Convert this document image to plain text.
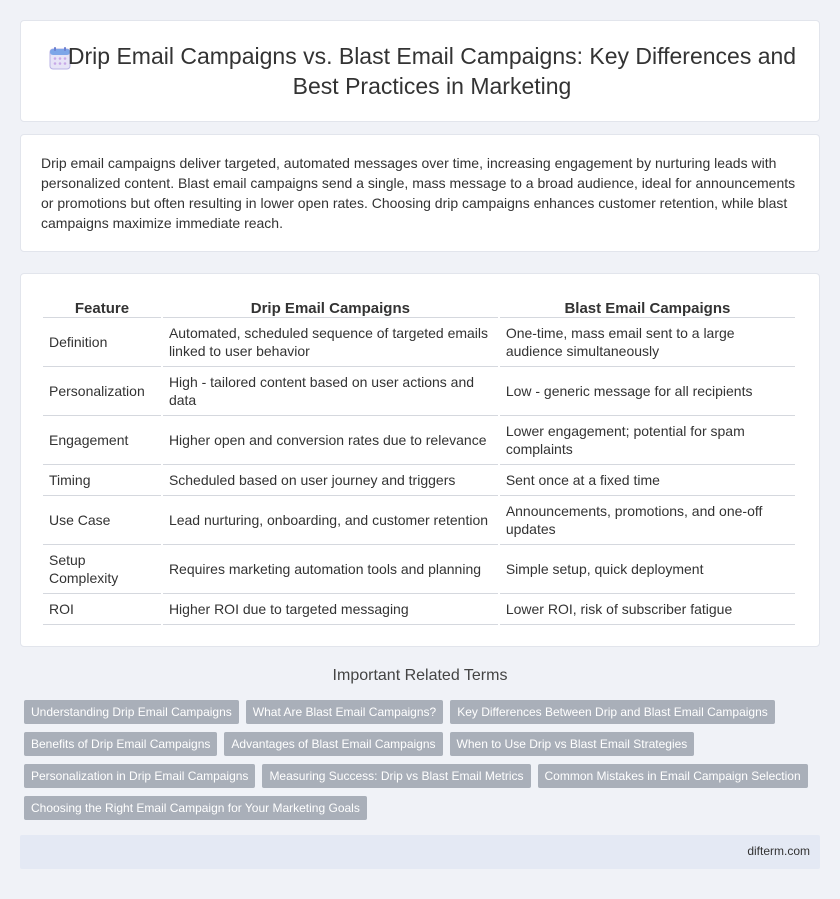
Drip Email Campaigns vs. Blast Email Campaigns: Key Differences and Best Practices in Marketing

Drip email campaigns deliver targeted, automated messages over time, increasing engagement by nurturing leads with personalized content. Blast email campaigns send a single, mass message to a broad audience, ideal for announcements or promotions but often resulting in lower open rates. Choosing drip campaigns enhances customer retention, while blast campaigns maximize immediate reach.

Feature	Drip Email Campaigns	Blast Email Campaigns
Definition	Automated, scheduled sequence of targeted emails linked to user behavior	One-time, mass email sent to a large audience simultaneously
Personalization	High - tailored content based on user actions and data	Low - generic message for all recipients
Engagement	Higher open and conversion rates due to relevance	Lower engagement; potential for spam complaints
Timing	Scheduled based on user journey and triggers	Sent once at a fixed time
Use Case	Lead nurturing, onboarding, and customer retention	Announcements, promotions, and one-off updates
Setup Complexity	Requires marketing automation tools and planning	Simple setup, quick deployment
ROI	Higher ROI due to targeted messaging	Lower ROI, risk of subscriber fatigue
Important Related Terms
Understanding Drip Email Campaigns	What Are Blast Email Campaigns?	Key Differences Between Drip and Blast Email Campaigns
Benefits of Drip Email Campaigns	Advantages of Blast Email Campaigns	When to Use Drip vs Blast Email Strategies
Personalization in Drip Email Campaigns	Measuring Success: Drip vs Blast Email Metrics	Common Mistakes in Email Campaign Selection
Choosing the Right Email Campaign for Your Marketing Goals
difterm.com
